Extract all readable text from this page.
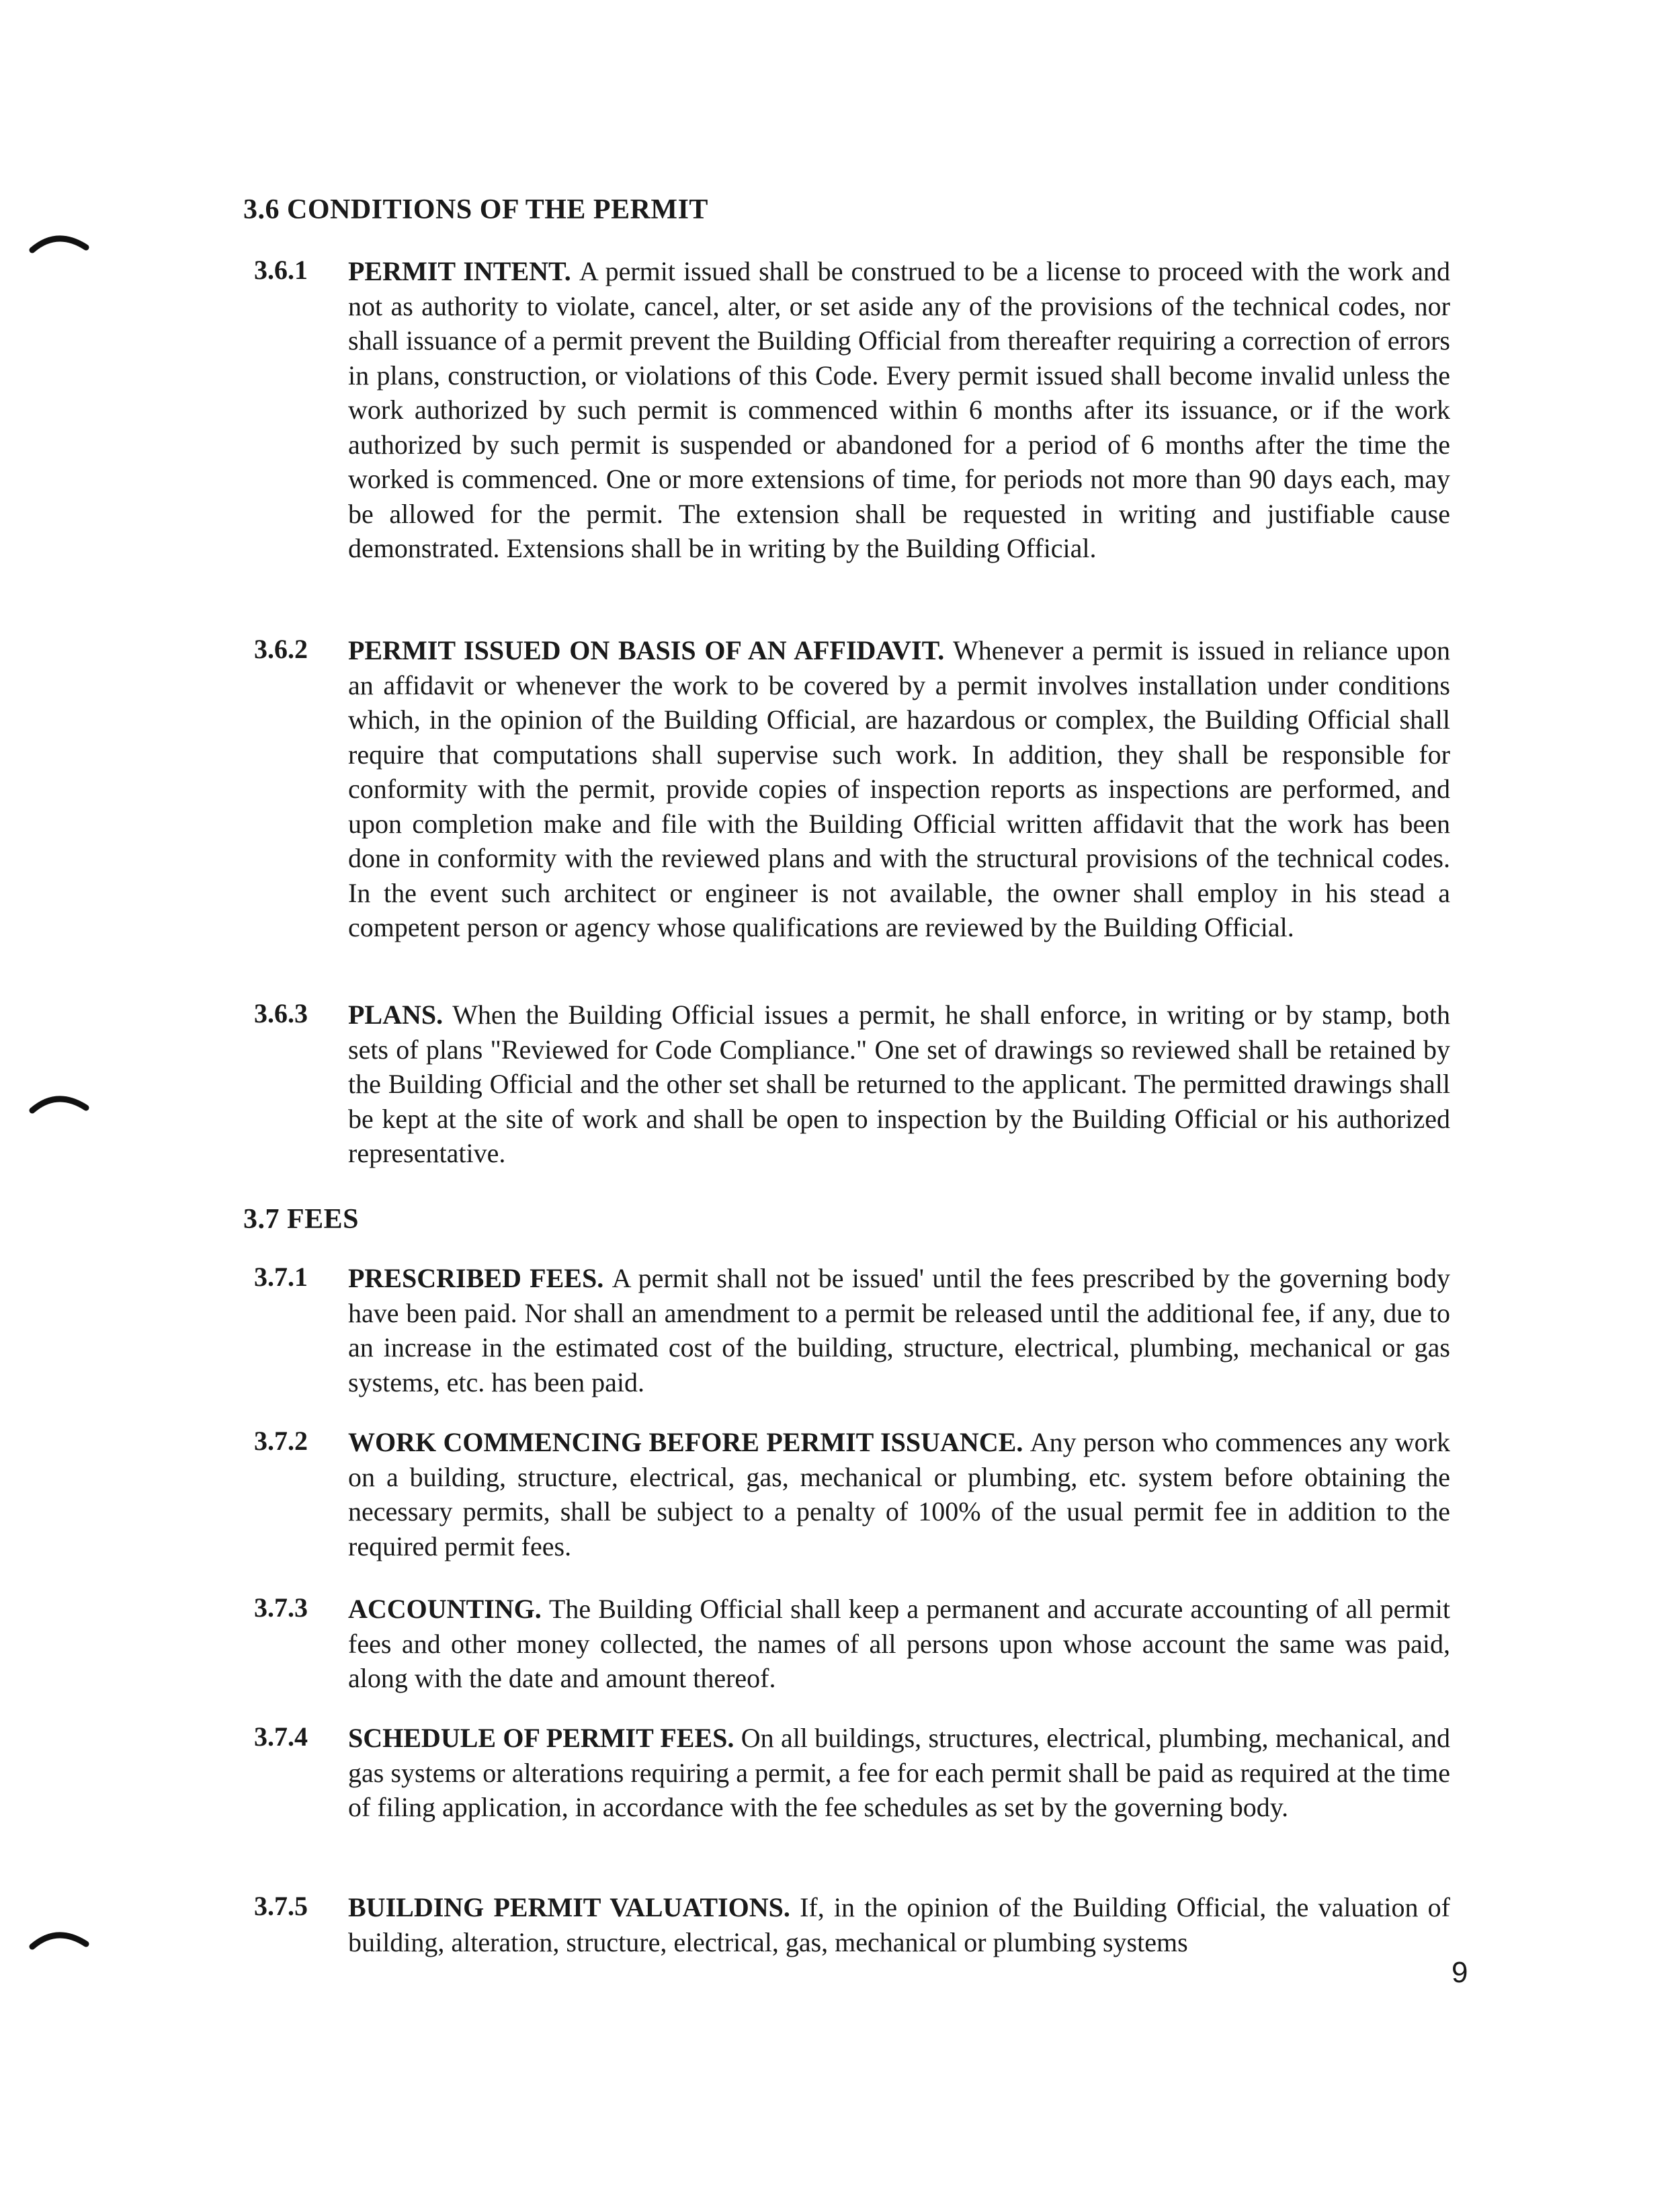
3.6 CONDITIONS OF THE PERMIT
3.6.1 PERMIT INTENT. A permit issued shall be construed to be a license to proceed with the work and not as authority to violate, cancel, alter, or set aside any of the provisions of the technical codes, nor shall issuance of a permit prevent the Building Official from thereafter requiring a correction of errors in plans, construction, or violations of this Code. Every permit issued shall become invalid unless the work authorized by such permit is commenced within 6 months after its issuance, or if the work authorized by such permit is suspended or abandoned for a period of 6 months after the time the worked is commenced. One or more extensions of time, for periods not more than 90 days each, may be allowed for the permit. The extension shall be requested in writing and justifiable cause demonstrated. Extensions shall be in writing by the Building Official.
3.6.2 PERMIT ISSUED ON BASIS OF AN AFFIDAVIT. Whenever a permit is issued in reliance upon an affidavit or whenever the work to be covered by a permit involves installation under conditions which, in the opinion of the Building Official, are hazardous or complex, the Building Official shall require that computations shall supervise such work. In addition, they shall be responsible for conformity with the permit, provide copies of inspection reports as inspections are performed, and upon completion make and file with the Building Official written affidavit that the work has been done in conformity with the reviewed plans and with the structural provisions of the technical codes. In the event such architect or engineer is not available, the owner shall employ in his stead a competent person or agency whose qualifications are reviewed by the Building Official.
3.6.3 PLANS. When the Building Official issues a permit, he shall enforce, in writing or by stamp, both sets of plans "Reviewed for Code Compliance." One set of drawings so reviewed shall be retained by the Building Official and the other set shall be returned to the applicant. The permitted drawings shall be kept at the site of work and shall be open to inspection by the Building Official or his authorized representative.
3.7 FEES
3.7.1 PRESCRIBED FEES. A permit shall not be issued' until the fees prescribed by the governing body have been paid. Nor shall an amendment to a permit be released until the additional fee, if any, due to an increase in the estimated cost of the building, structure, electrical, plumbing, mechanical or gas systems, etc. has been paid.
3.7.2 WORK COMMENCING BEFORE PERMIT ISSUANCE. Any person who commences any work on a building, structure, electrical, gas, mechanical or plumbing, etc. system before obtaining the necessary permits, shall be subject to a penalty of 100% of the usual permit fee in addition to the required permit fees.
3.7.3 ACCOUNTING. The Building Official shall keep a permanent and accurate accounting of all permit fees and other money collected, the names of all persons upon whose account the same was paid, along with the date and amount thereof.
3.7.4 SCHEDULE OF PERMIT FEES. On all buildings, structures, electrical, plumbing, mechanical, and gas systems or alterations requiring a permit, a fee for each permit shall be paid as required at the time of filing application, in accordance with the fee schedules as set by the governing body.
3.7.5 BUILDING PERMIT VALUATIONS. If, in the opinion of the Building Official, the valuation of building, alteration, structure, electrical, gas, mechanical or plumbing systems
9
